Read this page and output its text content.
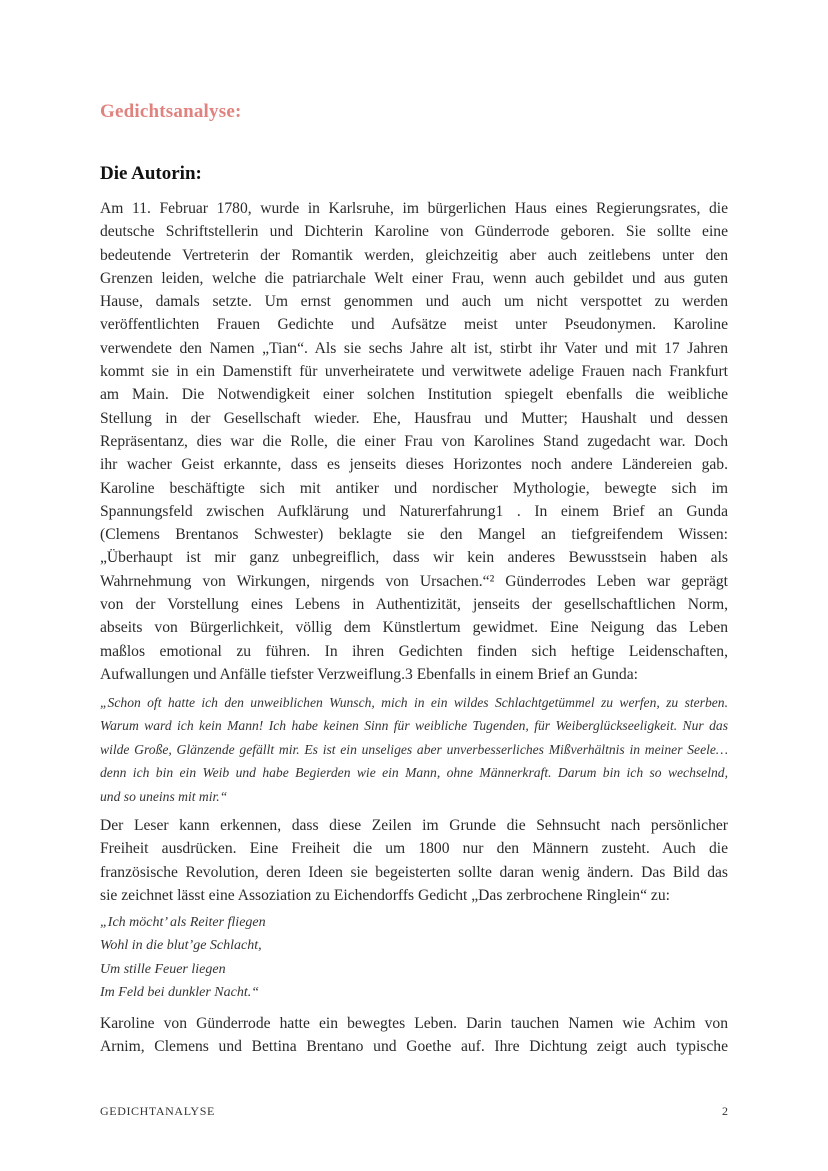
Gedichtsanalyse:
Die Autorin:
Am 11. Februar 1780, wurde in Karlsruhe, im bürgerlichen Haus eines Regierungsrates, die
deutsche Schriftstellerin und Dichterin Karoline von Günderrode geboren. Sie sollte eine
bedeutende Vertreterin der Romantik werden, gleichzeitig aber auch zeitlebens unter den
Grenzen leiden, welche die patriarchale Welt einer Frau, wenn auch gebildet und aus guten
Hause, damals setzte. Um ernst genommen und auch um nicht verspottet zu werden
veröffentlichten Frauen Gedichte und Aufsätze meist unter Pseudonymen. Karoline
verwendete den Namen „Tian“. Als sie sechs Jahre alt ist, stirbt ihr Vater und mit 17 Jahren
kommt sie in ein Damenstift für unverheiratete und verwitwete adelige Frauen nach Frankfurt
am Main. Die Notwendigkeit einer solchen Institution spiegelt ebenfalls die weibliche
Stellung in der Gesellschaft wieder. Ehe, Hausfrau und Mutter; Haushalt und dessen
Repräsentanz, dies war die Rolle, die einer Frau von Karolines Stand zugedacht war. Doch
ihr wacher Geist erkannte, dass es jenseits dieses Horizontes noch andere Ländereien gab.
Karoline beschäftigte sich mit antiker und nordischer Mythologie, bewegte sich im
Spannungsfeld zwischen Aufklärung und Naturerfahrung1 . In einem Brief an Gunda
(Clemens Brentanos Schwester) beklagte sie den Mangel an tiefgreifendem Wissen:
„Überhaupt ist mir ganz unbegreiflich, dass wir kein anderes Bewusstsein haben als
Wahrnehmung von Wirkungen, nirgends von Ursachen.“² Günderrodes Leben war geprägt
von der Vorstellung eines Lebens in Authentizität, jenseits der gesellschaftlichen Norm,
abseits von Bürgerlichkeit, völlig dem Künstlertum gewidmet. Eine Neigung das Leben
maßlos emotional zu führen. In ihren Gedichten finden sich heftige Leidenschaften,
Aufwallungen und Anfälle tiefster Verzweiflung.3 Ebenfalls in einem Brief an Gunda:
„Schon oft hatte ich den unweiblichen Wunsch, mich in ein wildes Schlachtgetümmel zu werfen, zu sterben.
Warum ward ich kein Mann! Ich habe keinen Sinn für weibliche Tugenden, für Weiberglückseeligkeit. Nur das
wilde Große, Glänzende gefällt mir. Es ist ein unseliges aber unverbesserliches Mißverhältnis in meiner Seele…
denn ich bin ein Weib und habe Begierden wie ein Mann, ohne Männerkraft. Darum bin ich so wechselnd,
und so uneins mit mir.“
Der Leser kann erkennen, dass diese Zeilen im Grunde die Sehnsucht nach persönlicher
Freiheit ausdrücken. Eine Freiheit die um 1800 nur den Männern zusteht. Auch die
französische Revolution, deren Ideen sie begeisterten sollte daran wenig ändern. Das Bild das
sie zeichnet lässt eine Assoziation zu Eichendorffs Gedicht „Das zerbrochene Ringlein“ zu:
„Ich möcht’ als Reiter fliegen
Wohl in die blut’ge Schlacht,
Um stille Feuer liegen
Im Feld bei dunkler Nacht.“
Karoline von Günderrode hatte ein bewegtes Leben. Darin tauchen Namen wie Achim von
Arnim, Clemens und Bettina Brentano und Goethe auf. Ihre Dichtung zeigt auch typische
GEDICHTANALYSE	2
